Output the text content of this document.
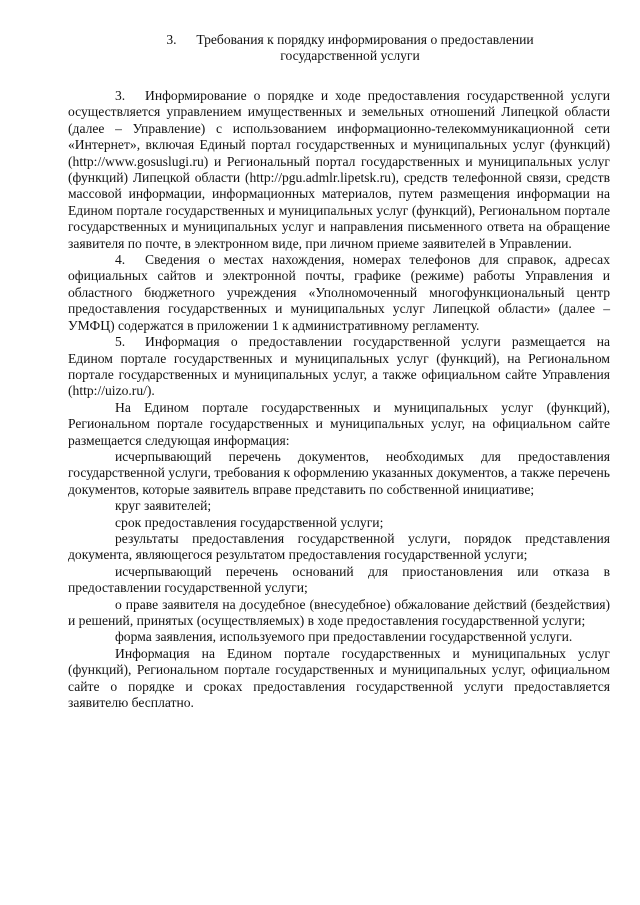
3. Требования к порядку информирования о предоставлении
государственной услуги

3. Информирование о порядке и ходе предоставления государственной услуги осуществляется управлением имущественных и земельных отношений Липецкой области (далее – Управление) с использованием информационно-телекоммуникационной сети «Интернет», включая Единый портал государственных и муниципальных услуг (функций) (http://www.gosuslugi.ru) и Региональный портал государственных и муниципальных услуг (функций) Липецкой области (http://pgu.admlr.lipetsk.ru), средств телефонной связи, средств массовой информации, информационных материалов, путем размещения информации на Едином портале государственных и муниципальных услуг (функций), Региональном портале государственных и муниципальных услуг и направления письменного ответа на обращение заявителя по почте, в электронном виде, при личном приеме заявителей в Управлении.

4. Сведения о местах нахождения, номерах телефонов для справок, адресах официальных сайтов и электронной почты, графике (режиме) работы Управления и областного бюджетного учреждения «Уполномоченный многофункциональный центр предоставления государственных и муниципальных услуг Липецкой области» (далее – УМФЦ) содержатся в приложении 1 к административному регламенту.

5. Информация о предоставлении государственной услуги размещается на Едином портале государственных и муниципальных услуг (функций), на Региональном портале государственных и муниципальных услуг, а также официальном сайте Управления (http://uizo.ru/).

На Едином портале государственных и муниципальных услуг (функций), Региональном портале государственных и муниципальных услуг, на официальном сайте размещается следующая информация:

исчерпывающий перечень документов, необходимых для предоставления государственной услуги, требования к оформлению указанных документов, а также перечень документов, которые заявитель вправе представить по собственной инициативе;

круг заявителей;

срок предоставления государственной услуги;

результаты предоставления государственной услуги, порядок представления документа, являющегося результатом предоставления государственной услуги;

исчерпывающий перечень оснований для приостановления или отказа в предоставлении государственной услуги;

о праве заявителя на досудебное (внесудебное) обжалование действий (бездействия) и решений, принятых (осуществляемых) в ходе предоставления государственной услуги;

форма заявления, используемого при предоставлении государственной услуги.

Информация на Едином портале государственных и муниципальных услуг (функций), Региональном портале государственных и муниципальных услуг, официальном сайте о порядке и сроках предоставления государственной услуги предоставляется заявителю бесплатно.
